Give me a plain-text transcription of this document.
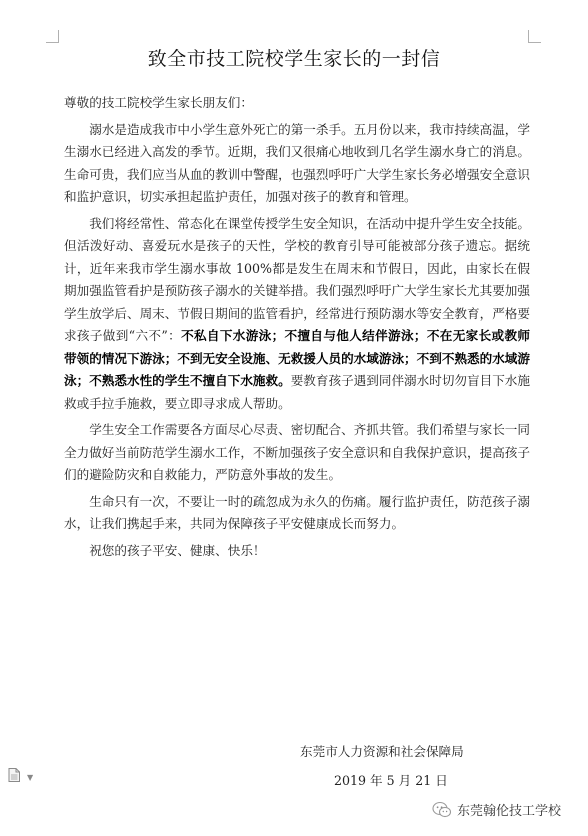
致全市技工院校学生家长的一封信

尊敬的技工院校学生家长朋友们：

溺水是造成我市中小学生意外死亡的第一杀手。五月份以来，我市持续高温，学生溺水已经进入高发的季节。近期，我们又很痛心地收到几名学生溺水身亡的消息。生命可贵，我们应当从血的教训中警醒，也强烈呼吁广大学生家长务必增强安全意识和监护意识，切实承担起监护责任，加强对孩子的教育和管理。

我们将经常性、常态化在课堂传授学生安全知识，在活动中提升学生安全技能。但活泼好动、喜爱玩水是孩子的天性，学校的教育引导可能被部分孩子遗忘。据统计，近年来我市学生溺水事故 100%都是发生在周末和节假日，因此，由家长在假期加强监管看护是预防孩子溺水的关键举措。我们强烈呼吁广大学生家长尤其要加强学生放学后、周末、节假日期间的监管看护，经常进行预防溺水等安全教育，严格要求孩子做到“六不”：不私自下水游泳；不擅自与他人结伴游泳；不在无家长或教师带领的情况下游泳；不到无安全设施、无救援人员的水域游泳；不到不熟悉的水域游泳；不熟悉水性的学生不擅自下水施救。要教育孩子遇到同伴溺水时切勿盲目下水施救或手拉手施救，要立即寻求成人帮助。

学生安全工作需要各方面尽心尽责、密切配合、齐抓共管。我们希望与家长一同全力做好当前防范学生溺水工作，不断加强孩子安全意识和自我保护意识，提高孩子们的避险防灾和自救能力，严防意外事故的发生。

生命只有一次，不要让一时的疏忽成为永久的伤痛。履行监护责任，防范孩子溺水，让我们携起手来，共同为保障孩子平安健康成长而努力。

祝您的孩子平安、健康、快乐！

东莞市人力资源和社会保障局
2019 年 5 月 21 日
▼
东莞翰伦技工学校
